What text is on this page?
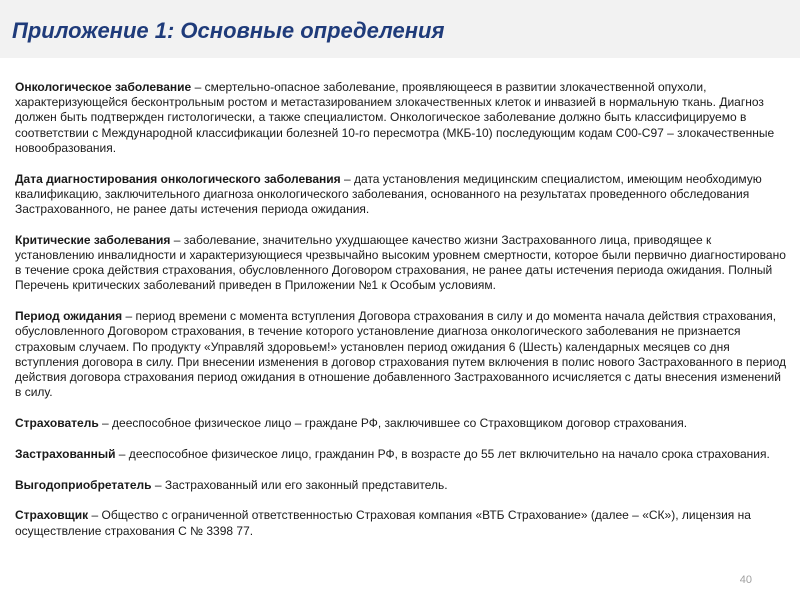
Приложение 1: Основные определения

Онкологическое заболевание – смертельно-опасное заболевание, проявляющееся в развитии злокачественной опухоли, характеризующейся бесконтрольным ростом и метастазированием злокачественных клеток и инвазией в нормальную ткань. Диагноз должен быть подтвержден гистологически, а также специалистом. Онкологическое заболевание должно быть классифицируемо в соответствии с Международной классификации болезней 10-го пересмотра (МКБ-10) последующим кодам С00-С97 – злокачественные новообразования.

Дата диагностирования онкологического заболевания – дата установления медицинским специалистом, имеющим необходимую квалификацию, заключительного диагноза онкологического заболевания, основанного на результатах проведенного обследования Застрахованного, не ранее даты истечения периода ожидания.

Критические заболевания – заболевание, значительно ухудшающее качество жизни Застрахованного лица, приводящее к установлению инвалидности и характеризующиеся чрезвычайно высоким уровнем смертности, которое были первично диагностировано в течение срока действия страхования, обусловленного Договором страхования, не ранее даты истечения периода ожидания. Полный Перечень критических заболеваний приведен в Приложении №1 к Особым условиям.

Период ожидания – период времени с момента вступления Договора страхования в силу и до момента начала действия страхования, обусловленного Договором страхования, в течение которого установление диагноза онкологического заболевания не признается страховым случаем. По продукту «Управляй здоровьем!» установлен период ожидания 6 (Шесть) календарных месяцев со дня вступления договора в силу. При внесении изменения в договор страхования путем включения в полис нового Застрахованного в период действия договора страхования период ожидания в отношение добавленного Застрахованного исчисляется с даты внесения изменений в силу.

Страхователь – дееспособное физическое лицо – граждане РФ, заключившее со Страховщиком договор страхования.

Застрахованный – дееспособное физическое лицо, гражданин РФ, в возрасте до 55 лет включительно на начало срока страхования.

Выгодоприобретатель – Застрахованный или его законный представитель.

Страховщик – Общество с ограниченной ответственностью Страховая компания «ВТБ Страхование» (далее – «СК»), лицензия на осуществление страхования С № 3398 77.

40
